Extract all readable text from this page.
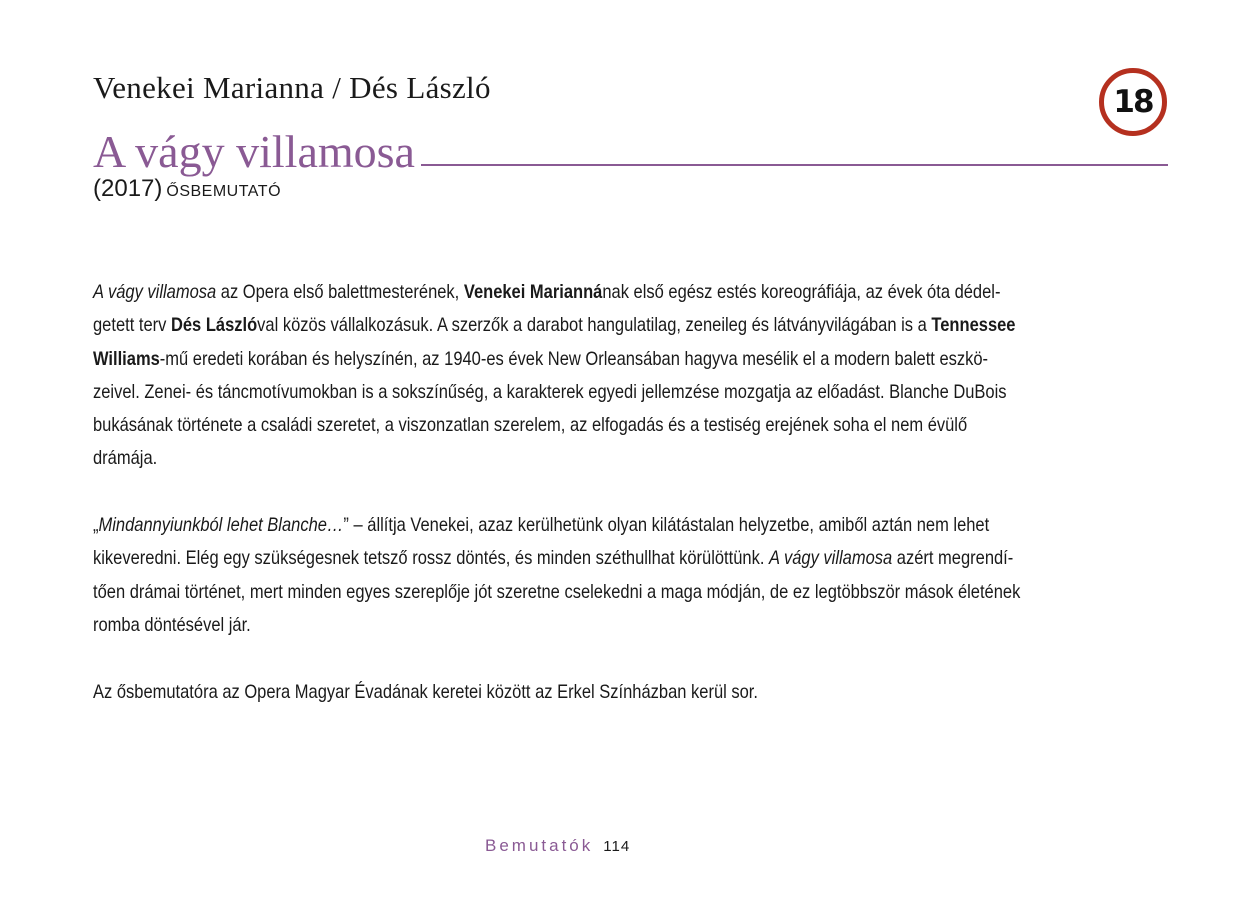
Venekei Marianna / Dés László
A vágy villamosa
(2017) ŐSBEMUTATÓ
18
A vágy villamosa az Opera első balettmesterének, Venekei Mariannának első egész estés koreográfiája, az évek óta dédel-
getett terv Dés Lászlóval közös vállalkozásuk. A szerzők a darabot hangulatilag, zeneileg és látványvilágában is a Tennessee
Williams-mű eredeti korában és helyszínén, az 1940-es évek New Orleansában hagyva mesélik el a modern balett eszkö-
zeivel. Zenei- és táncmotívumokban is a sokszínűség, a karakterek egyedi jellemzése mozgatja az előadást. Blanche DuBois
bukásának története a családi szeretet, a viszonzatlan szerelem, az elfogadás és a testiség erejének soha el nem évülő
drámája.
„Mindannyiunkból lehet Blanche…” – állítja Venekei, azaz kerülhetünk olyan kilátástalan helyzetbe, amiből aztán nem lehet
kikeveredni. Elég egy szükségesnek tetsző rossz döntés, és minden széthullhat körülöttünk. A vágy villamosa azért megrendí-
tően drámai történet, mert minden egyes szereplője jót szeretne cselekedni a maga módján, de ez legtöbbször mások életének
romba döntésével jár.
Az ősbemutatóra az Opera Magyar Évadának keretei között az Erkel Színházban kerül sor.
Bemutatók 114
